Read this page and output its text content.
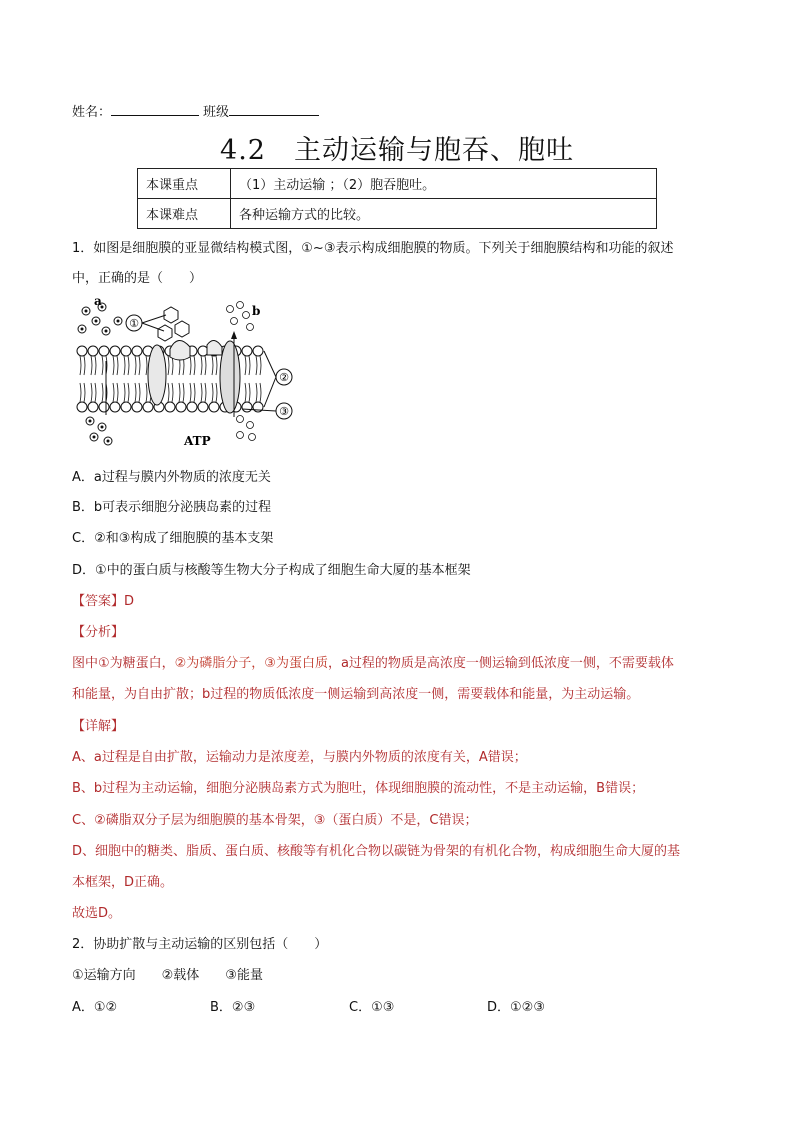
姓名：	班级
4.2　主动运输与胞吞、胞吐
本课重点	（1）主动运输 ；（2）胞吞胞吐。
本课难点	各种运输方式的比较。
1．如图是细胞膜的亚显微结构模式图，①~③表示构成细胞膜的物质。下列关于细胞膜结构和功能的叙述
中，正确的是（　　）
①
a
b
②
③
ATP
A．a过程与膜内外物质的浓度无关
B．b可表示细胞分泌胰岛素的过程
C．②和③构成了细胞膜的基本支架
D．①中的蛋白质与核酸等生物大分子构成了细胞生命大厦的基本框架
【答案】D
【分析】
图中①为糖蛋白，②为磷脂分子，③为蛋白质，a过程的物质是高浓度一侧运输到低浓度一侧，不需要载体
和能量，为自由扩散；b过程的物质低浓度一侧运输到高浓度一侧，需要载体和能量，为主动运输。
【详解】
A、a过程是自由扩散，运输动力是浓度差，与膜内外物质的浓度有关，A错误；
B、b过程为主动运输，细胞分泌胰岛素方式为胞吐，体现细胞膜的流动性，不是主动运输，B错误；
C、②磷脂双分子层为细胞膜的基本骨架，③（蛋白质）不是，C错误；
D、细胞中的糖类、脂质、蛋白质、核酸等有机化合物以碳链为骨架的有机化合物，构成细胞生命大厦的基
本框架，D正确。
故选D。
2．协助扩散与主动运输的区别包括（　　）
①运输方向　　②载体　　③能量
A．①②	B．②③	C．①③	D．①②③
